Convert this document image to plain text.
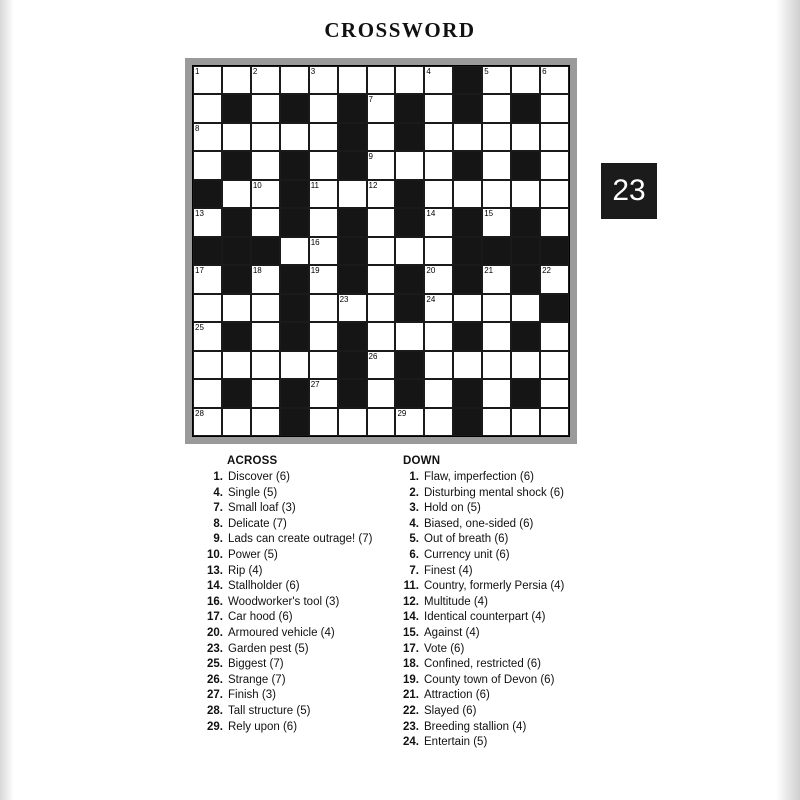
CROSSWORD
23
1	2	3	4	5	6
7
8
9
10	11	12
13	14	15
16
17	18	19	20	21	22
23	24
25
26
27
28	29
ACROSS
1. Discover (6)
4. Single (5)
7. Small loaf (3)
8. Delicate (7)
9. Lads can create outrage! (7)
10. Power (5)
13. Rip (4)
14. Stallholder (6)
16. Woodworker's tool (3)
17. Car hood (6)
20. Armoured vehicle (4)
23. Garden pest (5)
25. Biggest (7)
26. Strange (7)
27. Finish (3)
28. Tall structure (5)
29. Rely upon (6)
DOWN
1. Flaw, imperfection (6)
2. Disturbing mental shock (6)
3. Hold on (5)
4. Biased, one-sided (6)
5. Out of breath (6)
6. Currency unit (6)
7. Finest (4)
11. Country, formerly Persia (4)
12. Multitude (4)
14. Identical counterpart (4)
15. Against (4)
17. Vote (6)
18. Confined, restricted (6)
19. County town of Devon (6)
21. Attraction (6)
22. Slayed (6)
23. Breeding stallion (4)
24. Entertain (5)
